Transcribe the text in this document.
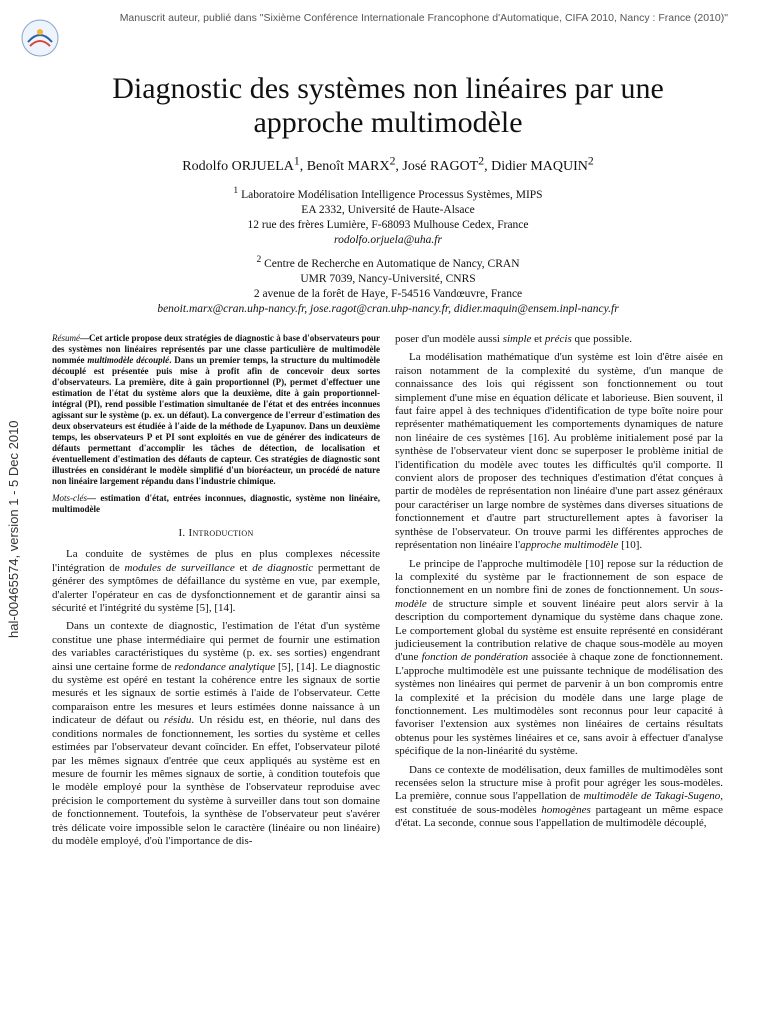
Manuscrit auteur, publié dans "Sixième Conférence Internationale Francophone d'Automatique, CIFA 2010, Nancy : France (2010)"
hal-00465574, version 1 - 5 Dec 2010
Diagnostic des systèmes non linéaires par une approche multimodèle
Rodolfo ORJUELA$^1$, Benoît MARX$^2$, José RAGOT$^2$, Didier MAQUIN$^2$
$^1$ Laboratoire Modélisation Intelligence Processus Systèmes, MIPS
EA 2332, Université de Haute-Alsace
12 rue des frères Lumière, F-68093 Mulhouse Cedex, France
rodolfo.orjuela@uha.fr
$^2$ Centre de Recherche en Automatique de Nancy, CRAN
UMR 7039, Nancy-Université, CNRS
2 avenue de la forêt de Haye, F-54516 Vandœuvre, France
benoit.marx@cran.uhp-nancy.fr, jose.ragot@cran.uhp-nancy.fr, didier.maquin@ensem.inpl-nancy.fr
Résumé—Cet article propose deux stratégies de diagnostic à base d'observateurs pour des systèmes non linéaires représentés par une classe particulière de multimodèle nommée multimodèle découplé. Dans un premier temps, la structure du multimodèle découplé est présentée puis mise à profit afin de concevoir deux sortes d'observateurs. La première, dite à gain proportionnel (P), permet d'effectuer une estimation de l'état du système alors que la deuxième, dite à gain proportionnel-intégral (PI), rend possible l'estimation simultanée de l'état et des entrées inconnues agissant sur le système (p. ex. un défaut). La convergence de l'erreur d'estimation des deux observateurs est étudiée à l'aide de la méthode de Lyapunov. Dans un deuxième temps, les observateurs P et PI sont exploités en vue de générer des indicateurs de défauts permettant d'accomplir les tâches de détection, de localisation et éventuellement d'estimation des défauts de capteur. Ces stratégies de diagnostic sont illustrées en considérant le modèle simplifié d'un bioréacteur, un procédé de nature non linéaire largement répandu dans l'industrie chimique.
Mots-clés— estimation d'état, entrées inconnues, diagnostic, système non linéaire, multimodèle
I. Introduction

La conduite de systèmes de plus en plus complexes nécessite l'intégration de modules de surveillance et de diagnostic permettant de générer des symptômes de défaillance du système en vue, par exemple, d'alerter l'opérateur en cas de dysfonctionnement et de garantir ainsi sa sécurité et l'intégrité du système [5], [14].

Dans un contexte de diagnostic, l'estimation de l'état d'un système constitue une phase intermédiaire qui permet de fournir une estimation des variables caractéristiques du système (p. ex. ses sorties) engendrant ainsi une certaine forme de redondance analytique [5], [14]. Le diagnostic du système est opéré en testant la cohérence entre les signaux de sortie mesurés et les signaux de sortie estimés à l'aide de l'observateur. Cette comparaison entre les mesures et leurs estimées donne naissance à un indicateur de défaut ou résidu. Un résidu est, en théorie, nul dans des conditions normales de fonctionnement, les sorties du système et celles estimées par l'observateur devant coïncider. En effet, l'observateur piloté par les mêmes signaux d'entrée que ceux appliqués au système est en mesure de fournir les mêmes signaux de sortie, à condition toutefois que le modèle employé pour la synthèse de l'observateur reproduise avec précision le comportement du système à surveiller dans tout son domaine de fonctionnement. Toutefois, la synthèse de l'observateur peut s'avérer très délicate voire impossible selon le caractère (linéaire ou non linéaire) du modèle employé, d'où l'importance de dis-

poser d'un modèle aussi simple et précis que possible.

La modélisation mathématique d'un système est loin d'être aisée en raison notamment de la complexité du système, d'un manque de connaissance des lois qui régissent son fonctionnement ou tout simplement d'une mise en équation délicate et laborieuse. Bien souvent, il faut faire appel à des techniques d'identification de type boîte noire pour représenter mathématiquement les comportements dynamiques de nature non linéaire de ces systèmes [16]. Au problème initialement posé par la synthèse de l'observateur vient donc se superposer le problème initial de l'identification du modèle avec toutes les difficultés qu'il comporte. Il convient alors de proposer des techniques d'estimation d'état conçues à partir de modèles de représentation non linéaire d'une part assez généraux pour caractériser un large nombre de systèmes dans diverses situations de fonctionnement et d'autre part structurellement aptes à favoriser la synthèse de l'observateur. On trouve parmi les différentes approches de représentation non linéaire l'approche multimodèle [10].

Le principe de l'approche multimodèle [10] repose sur la réduction de la complexité du système par le fractionnement de son espace de fonctionnement en un nombre fini de zones de fonctionnement. Un sous-modèle de structure simple et souvent linéaire peut alors servir à la description du comportement dynamique du système dans chaque zone. Le comportement global du système est ensuite représenté en considérant judicieusement la contribution relative de chaque sous-modèle au moyen d'une fonction de pondération associée à chaque zone de fonctionnement. L'approche multimodèle est une puissante technique de modélisation des systèmes non linéaires qui permet de parvenir à un bon compromis entre la complexité et la précision du modèle dans une large plage de fonctionnement. Les multimodèles sont reconnus pour leur capacité à favoriser l'extension aux systèmes non linéaires de certains résultats obtenus pour les systèmes linéaires et ce, sans avoir à effectuer d'analyse spécifique de la non-linéarité du système.

Dans ce contexte de modélisation, deux familles de multimodèles sont recensées selon la structure mise à profit pour agréger les sous-modèles. La première, connue sous l'appellation de multimodèle de Takagi-Sugeno, est constituée de sous-modèles homogènes partageant un même espace d'état. La seconde, connue sous l'appellation de multimodèle découplé,
